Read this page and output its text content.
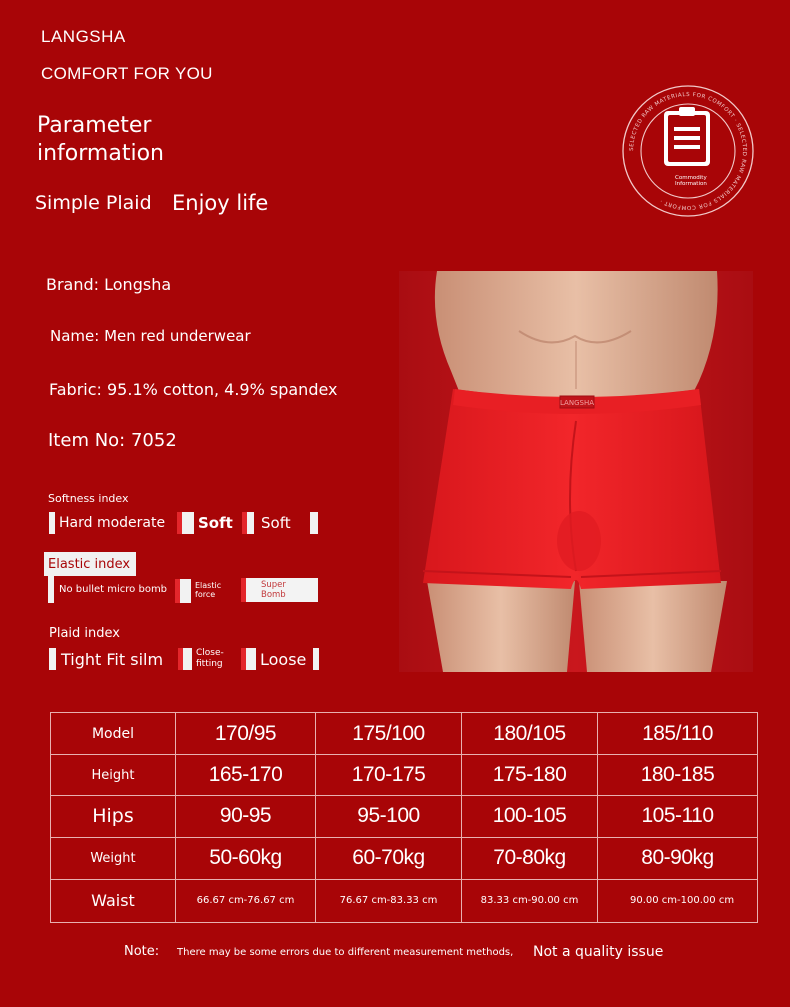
LANGSHA
COMFORT FOR YOU
Parameter information
Simple Plaid Enjoy life
SELECTED RAW MATERIALS FOR COMFORT · SELECTED RAW MATERIALS FOR COMFORT ·
Commodity
Information
Brand: Longsha
Name: Men red underwear
Fabric: 95.1% cotton, 4.9% spandex
Item No: 7052
Softness index
Hard moderate Soft Soft
Elastic index
No bullet micro bomb	Elastic force
Super Bomb
Plaid index
Tight Fit silm	Close-fitting	Loose
LANGSHA
Model	170/95	175/100	180/105	185/110
Height	165-170	170-175	175-180	180-185
Hips	90-95	95-100	100-105	105-110
Weight	50-60kg	60-70kg	70-80kg	80-90kg
Waist	66.67 cm-76.67 cm	76.67 cm-83.33 cm	83.33 cm-90.00 cm	90.00 cm-100.00 cm
Note: There may be some errors due to different measurement methods, Not a quality issue
